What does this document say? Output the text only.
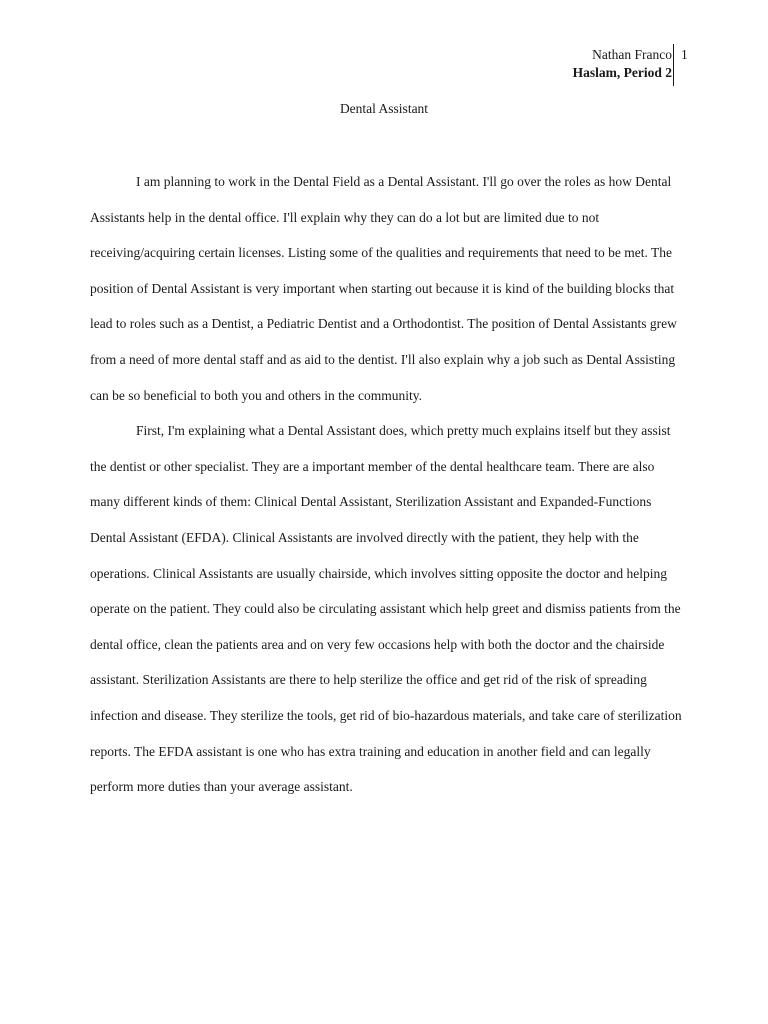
Nathan Franco
Haslam, Period 2
1
Dental Assistant

I am planning to work in the Dental Field as a Dental Assistant. I'll go over the roles as how Dental Assistants help in the dental office. I'll explain why they can do a lot but are limited due to not receiving/acquiring certain licenses. Listing some of the qualities and requirements that need to be met. The position of Dental Assistant is very important when starting out because it is kind of the building blocks that lead to roles such as a Dentist, a Pediatric Dentist and a Orthodontist. The position of Dental Assistants grew from a need of more dental staff and as aid to the dentist. I'll also explain why a job such as Dental Assisting can be so beneficial to both you and others in the community.

First, I'm explaining what a Dental Assistant does, which pretty much explains itself but they assist the dentist or other specialist. They are a important member of the dental healthcare team. There are also many different kinds of them: Clinical Dental Assistant, Sterilization Assistant and Expanded-Functions Dental Assistant (EFDA). Clinical Assistants are involved directly with the patient, they help with the operations. Clinical Assistants are usually chairside, which involves sitting opposite the doctor and helping operate on the patient. They could also be circulating assistant which help greet and dismiss patients from the dental office, clean the patients area and on very few occasions help with both the doctor and the chairside assistant. Sterilization Assistants are there to help sterilize the office and get rid of the risk of spreading infection and disease. They sterilize the tools, get rid of bio-hazardous materials, and take care of sterilization reports. The EFDA assistant is one who has extra training and education in another field and can legally perform more duties than your average assistant.
